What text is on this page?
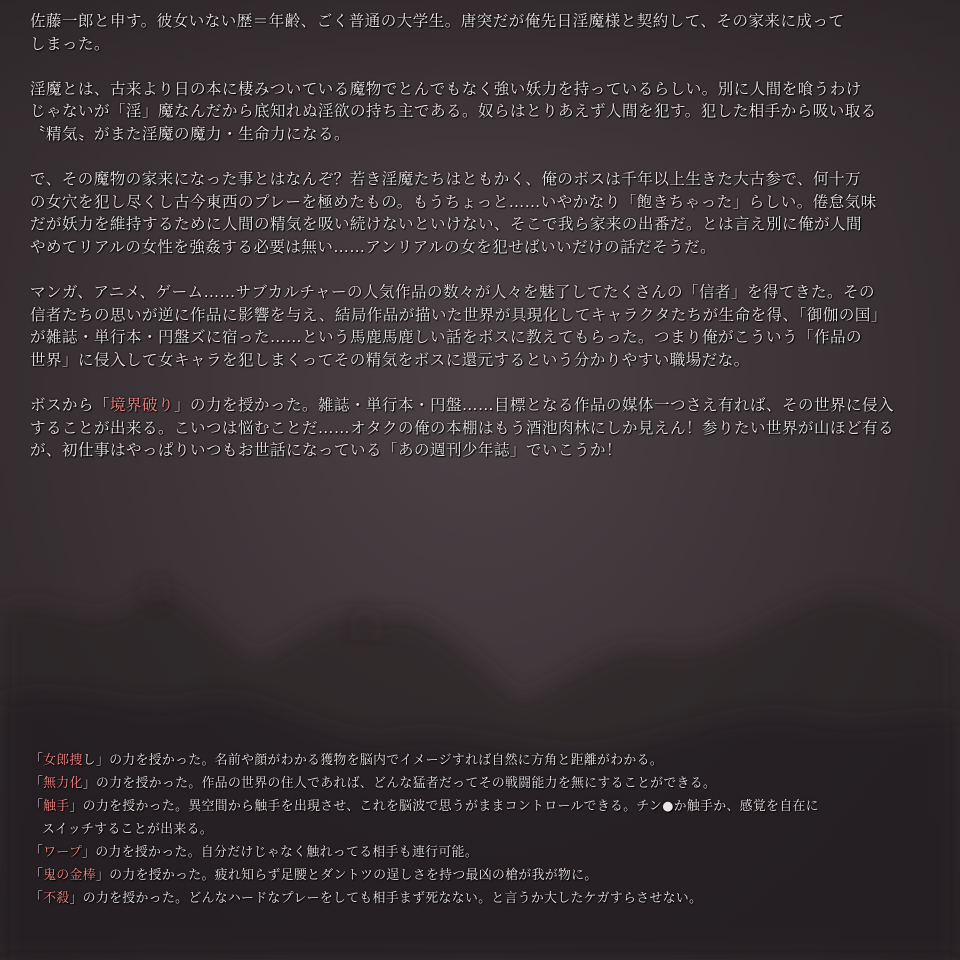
佐藤一郎と申す。彼女いない歴＝年齢、ごく普通の大学生。唐突だが俺先日淫魔様と契約して、その家来に成って
しまった。

淫魔とは、古来より日の本に棲みついている魔物でとんでもなく強い妖力を持っているらしい。別に人間を喰うわけ
じゃないが「淫」魔なんだから底知れぬ淫欲の持ち主である。奴らはとりあえず人間を犯す。犯した相手から吸い取る
〝精気〟がまた淫魔の魔力・生命力になる。

で、その魔物の家来になった事とはなんぞ？若き淫魔たちはともかく、俺のボスは千年以上生きた大古参で、何十万
の女穴を犯し尽くし古今東西のプレーを極めたもの。もうちょっと……いやかなり「飽きちゃった」らしい。倦怠気味
だが妖力を維持するために人間の精気を吸い続けないといけない、そこで我ら家来の出番だ。とは言え別に俺が人間
やめてリアルの女性を強姦する必要は無い……アンリアルの女を犯せばいいだけの話だそうだ。

マンガ、アニメ、ゲーム……サブカルチャーの人気作品の数々が人々を魅了してたくさんの「信者」を得てきた。その
信者たちの思いが逆に作品に影響を与え、結局作品が描いた世界が具現化してキャラクタたちが生命を得、「御伽の国」
が雑誌・単行本・円盤ズに宿った……という馬鹿馬鹿しい話をボスに教えてもらった。つまり俺がこういう「作品の
世界」に侵入して女キャラを犯しまくってその精気をボスに還元するという分かりやすい職場だな。

ボスから「境界破り」の力を授かった。雑誌・単行本・円盤……目標となる作品の媒体一つさえ有れば、その世界に侵入
することが出来る。こいつは悩むことだ……オタクの俺の本棚はもう酒池肉林にしか見えん！参りたい世界が山ほど有る
が、初仕事はやっぱりいつもお世話になっている「あの週刊少年誌」でいこうか！

「女郎捜し」の力を授かった。名前や顔がわかる獲物を脳内でイメージすれば自然に方角と距離がわかる。
「無力化」の力を授かった。作品の世界の住人であれば、どんな猛者だってその戦闘能力を無にすることができる。
「触手」の力を授かった。異空間から触手を出現させ、これを脳波で思うがままコントロールできる。チン●か触手か、感覚を自在に
スイッチすることが出来る。
「ワープ」の力を授かった。自分だけじゃなく触れってる相手も連行可能。
「鬼の金棒」の力を授かった。疲れ知らず足腰とダントツの逞しさを持つ最凶の槍が我が物に。
「不殺」の力を授かった。どんなハードなプレーをしても相手まず死なない。と言うか大したケガすらさせない。
